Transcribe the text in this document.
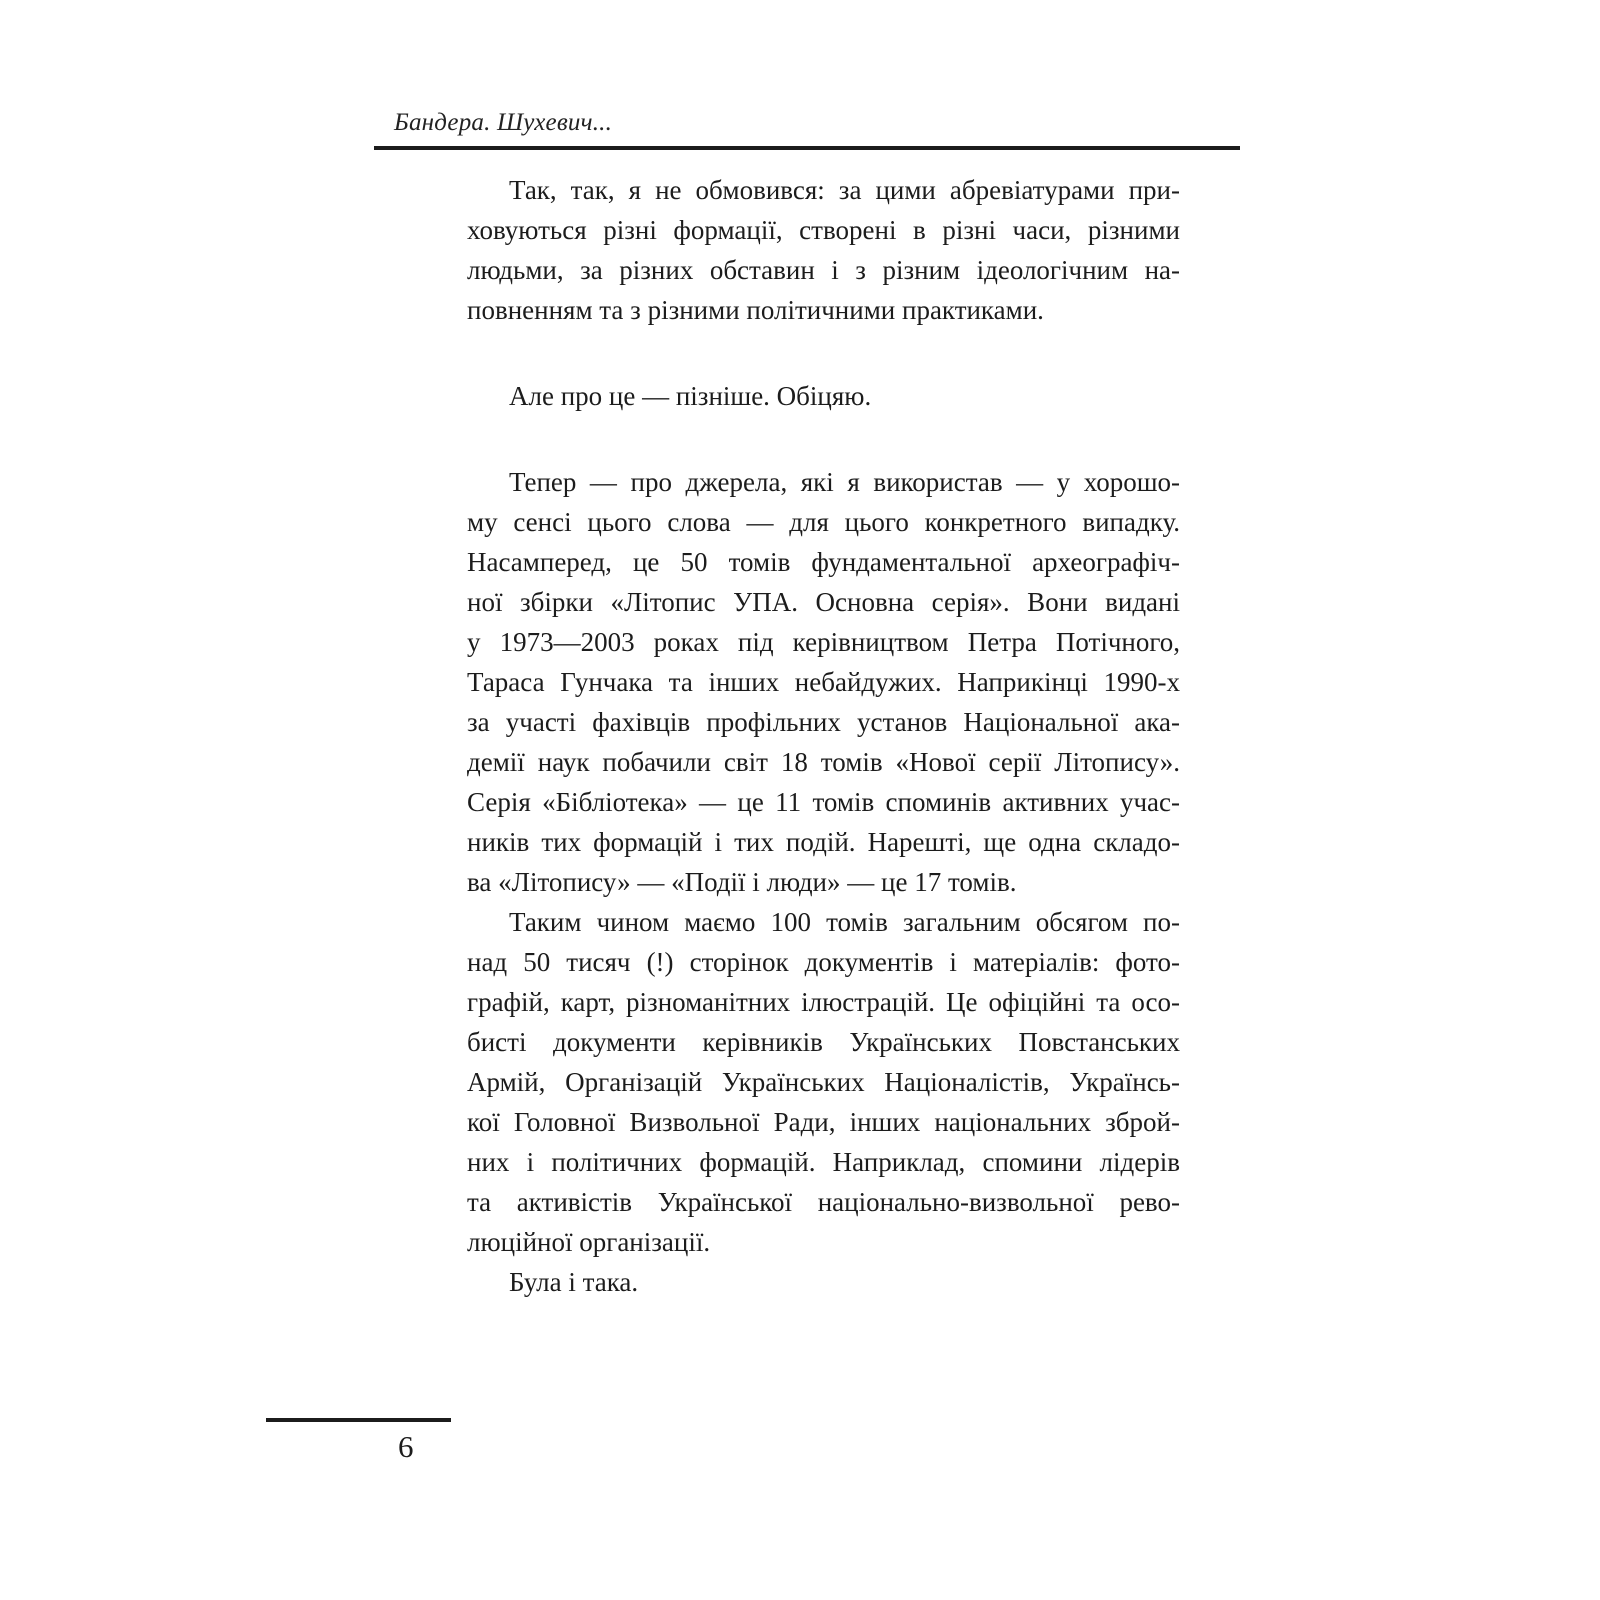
Бандера. Шухевич...
Так, так, я не обмовився: за цими абревіатурами при-
ховуються різні формації, створені в різні часи, різними
людьми, за різних обставин і з різним ідеологічним на-
повненням та з різними політичними практиками.
Але про це — пізніше. Обіцяю.
Тепер — про джерела, які я використав — у хорошо-
му сенсі цього слова — для цього конкретного випадку.
Насамперед, це 50 томів фундаментальної археографіч-
ної збірки «Літопис УПА. Основна серія». Вони видані
у 1973—2003 роках під керівництвом Петра Потічного,
Тараса Гунчака та інших небайдужих. Наприкінці 1990-х
за участі фахівців профільних установ Національної ака-
демії наук побачили світ 18 томів «Нової серії Літопису».
Серія «Бібліотека» — це 11 томів споминів активних учас-
ників тих формацій і тих подій. Нарешті, ще одна складо-
ва «Літопису» — «Події і люди» — це 17 томів.
Таким чином маємо 100 томів загальним обсягом по-
над 50 тисяч (!) сторінок документів і матеріалів: фото-
графій, карт, різноманітних ілюстрацій. Це офіційні та осо-
бисті документи керівників Українських Повстанських
Армій, Організацій Українських Націоналістів, Українсь-
кої Головної Визвольної Ради, інших національних зброй-
них і політичних формацій. Наприклад, спомини лідерів
та активістів Української національно-визвольної рево-
люційної організації.
Була і така.
6
